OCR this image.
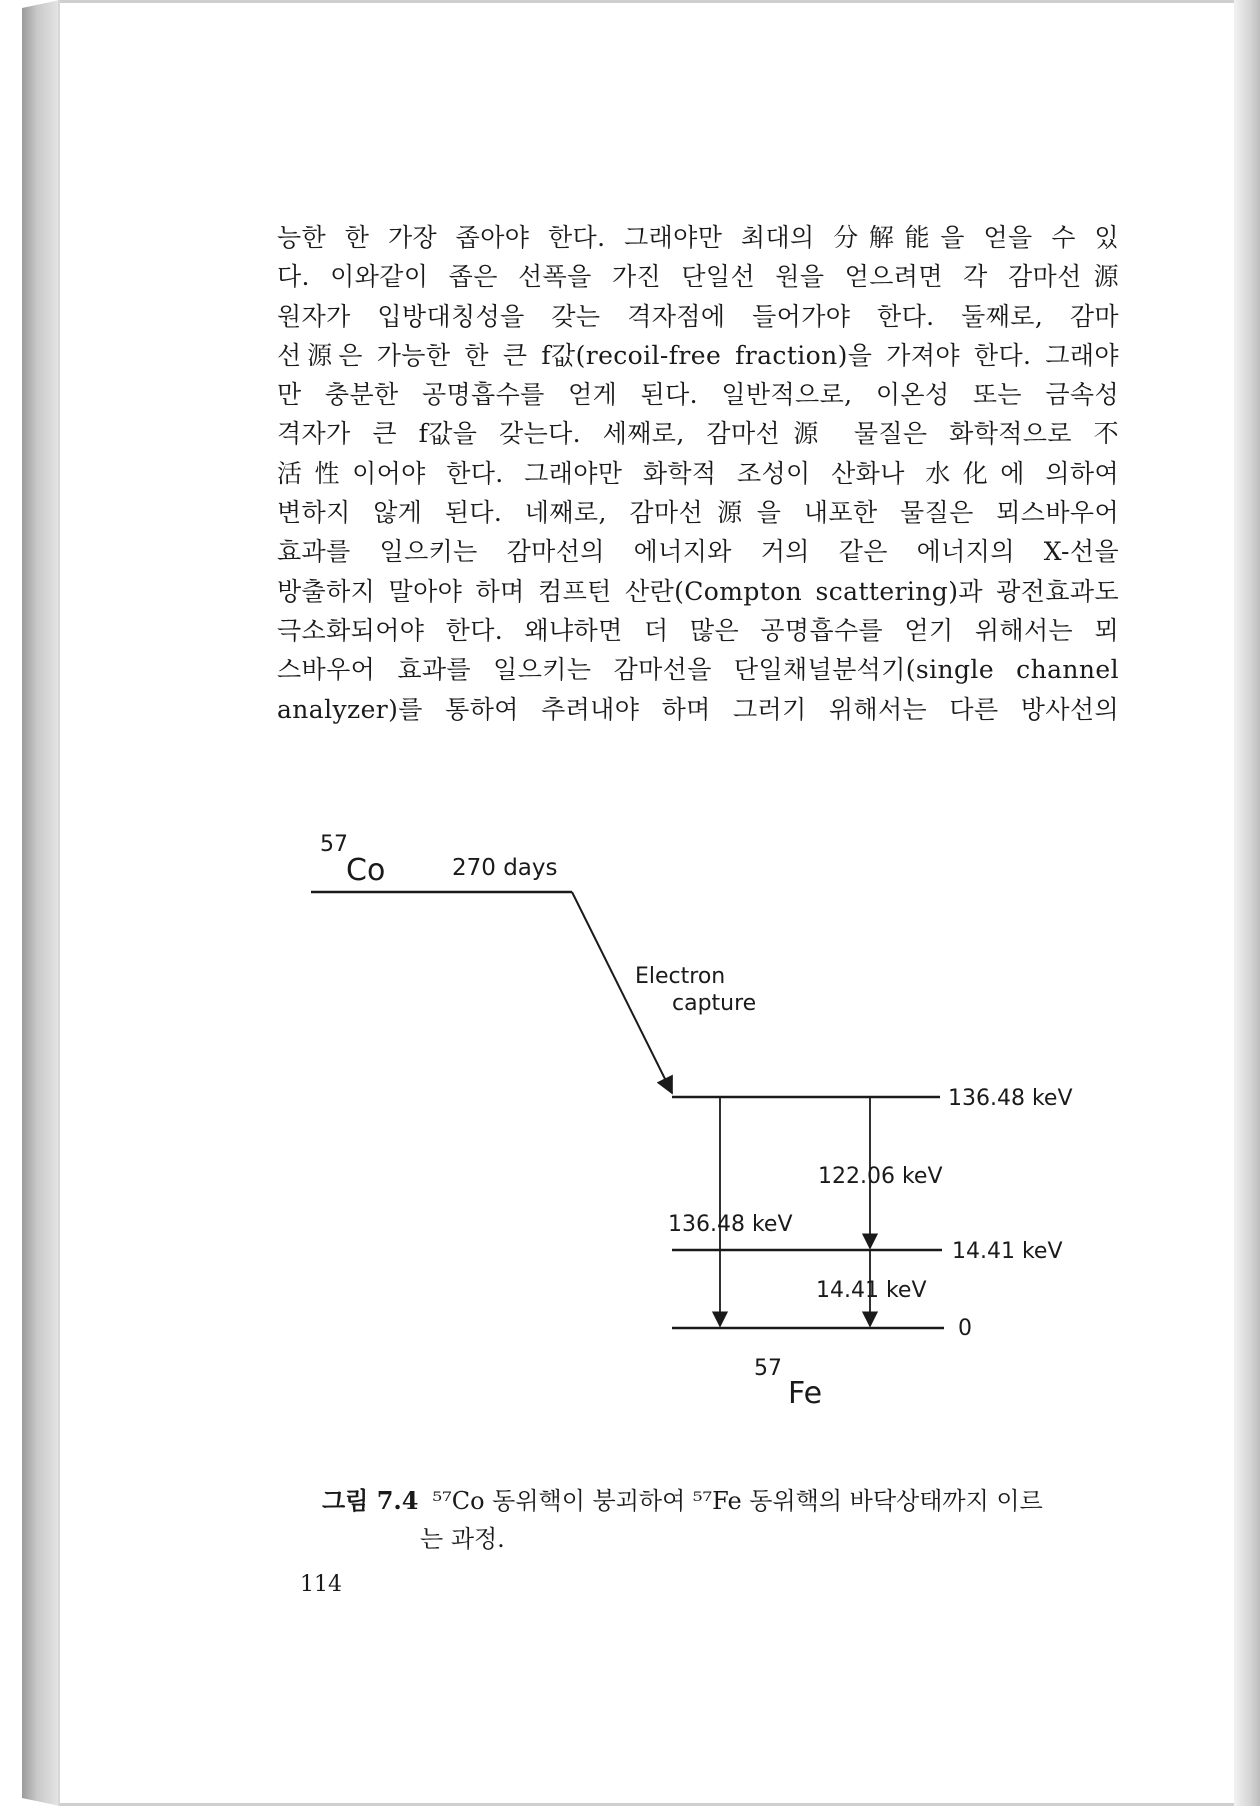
능한 한 가장 좁아야 한다. 그래야만 최대의 分解能을 얻을 수 있

다. 이와같이 좁은 선폭을 가진 단일선 원을 얻으려면 각 감마선源

원자가 입방대칭성을 갖는 격자점에 들어가야 한다. 둘째로, 감마

선源은 가능한 한 큰 f값(recoil-free fraction)을 가져야 한다. 그래야

만 충분한 공명흡수를 얻게 된다. 일반적으로, 이온성 또는 금속성

격자가 큰 f값을 갖는다. 세째로, 감마선源 물질은 화학적으로 不

活性이어야 한다. 그래야만 화학적 조성이 산화나 水化에 의하여

변하지 않게 된다. 네째로, 감마선源을 내포한 물질은 뫼스바우어

효과를 일으키는 감마선의 에너지와 거의 같은 에너지의 X-선을

방출하지 말아야 하며 컴프턴 산란(Compton scattering)과 광전효과도

극소화되어야 한다. 왜냐하면 더 많은 공명흡수를 얻기 위해서는 뫼

스바우어 효과를 일으키는 감마선을 단일채널분석기(single channel

analyzer)를 통하여 추려내야 하며 그러기 위해서는 다른 방사선의

57
Co	270 days
Electron
capture
136.48 keV
14.41 keV
0
122.06 keV
136.48 keV
14.41 keV
57
Fe
그림 7.4 ⁵⁷Co 동위핵이 붕괴하여 ⁵⁷Fe 동위핵의 바닥상태까지 이르
는 과정.
114
